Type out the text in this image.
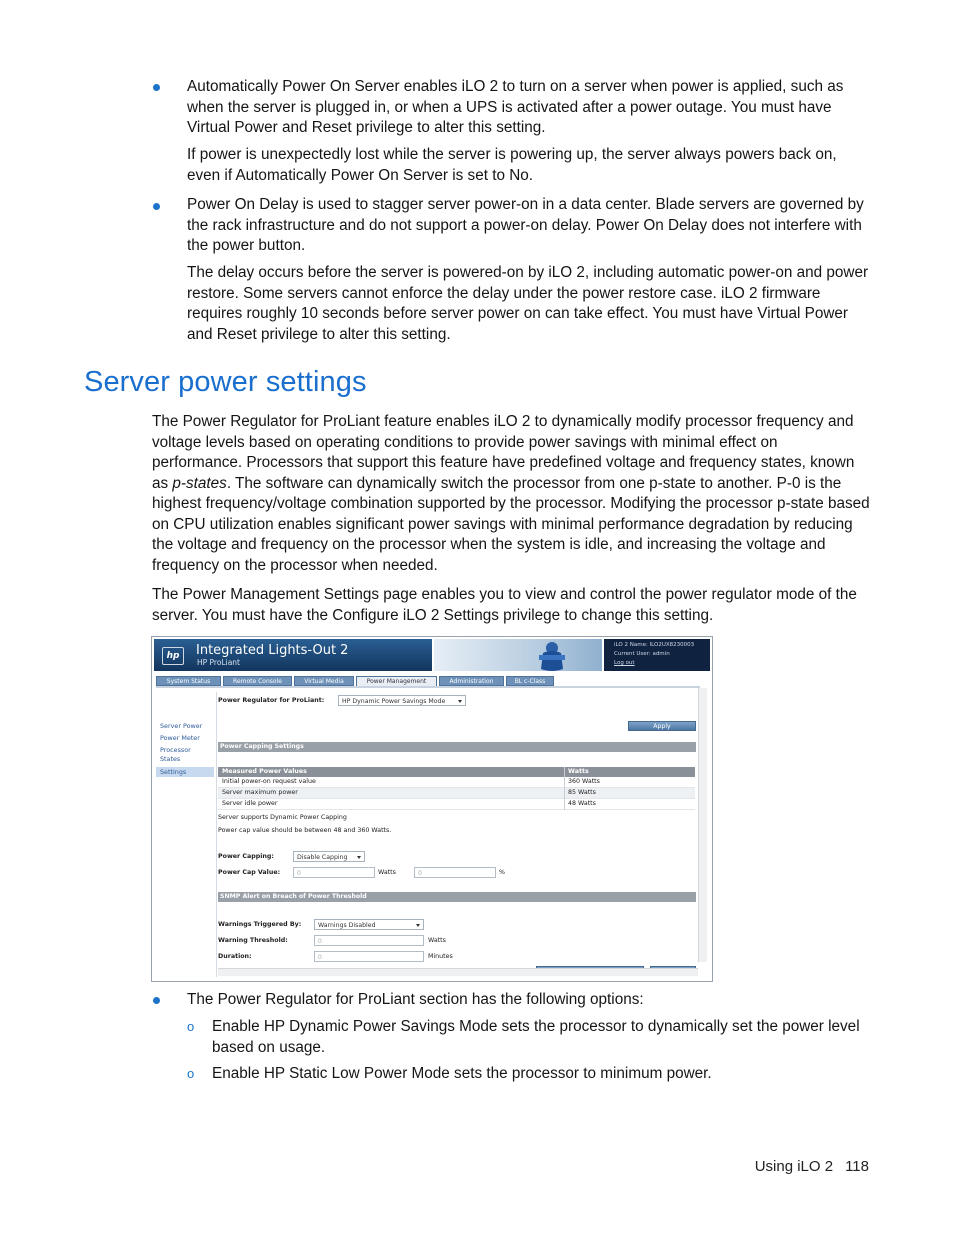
Automatically Power On Server enables iLO 2 to turn on a server when power is applied, such as when the server is plugged in, or when a UPS is activated after a power outage. You must have Virtual Power and Reset privilege to alter this setting.

If power is unexpectedly lost while the server is powering up, the server always powers back on, even if Automatically Power On Server is set to No.

Power On Delay is used to stagger server power-on in a data center. Blade servers are governed by the rack infrastructure and do not support a power-on delay. Power On Delay does not interfere with the power button.

The delay occurs before the server is powered-on by iLO 2, including automatic power-on and power restore. Some servers cannot enforce the delay under the power restore case. iLO 2 firmware requires roughly 10 seconds before server power on can take effect. You must have Virtual Power and Reset privilege to alter this setting.

Server power settings

The Power Regulator for ProLiant feature enables iLO 2 to dynamically modify processor frequency and voltage levels based on operating conditions to provide power savings with minimal effect on performance. Processors that support this feature have predefined voltage and frequency states, known as p-states. The software can dynamically switch the processor from one p-state to another. P-0 is the highest frequency/voltage combination supported by the processor. Modifying the processor p-state based on CPU utilization enables significant power savings with minimal performance degradation by reducing the voltage and frequency on the processor when the system is idle, and increasing the voltage and frequency on the processor when needed.

The Power Management Settings page enables you to view and control the power regulator mode of the server. You must have the Configure iLO 2 Settings privilege to change this setting.

hp	Integrated Lights-Out 2
HP ProLiant
iLO 2 Name: ILO2UX8230003
Current User: admin
Log out
System Status	Remote Console	Virtual Media	Power Management	Administration	BL c-Class
Server Power
Power Meter
Processor
States
Settings
Power Regulator for ProLiant:	HP Dynamic Power Savings Mode
Apply
Power Capping Settings
Measured Power Values	Watts
Initial power-on request value	360 Watts
Server maximum power	85 Watts
Server idle power	48 Watts
Server supports Dynamic Power Capping
Power cap value should be between 48 and 360 Watts.
Power Capping:	Disable Capping
Power Cap Value:	0	Watts	0	%
SNMP Alert on Breach of Power Threshold
Warnings Triggered By:	Warnings Disabled
Warning Threshold:	0	Watts
Duration:	0	Minutes

The Power Regulator for ProLiant section has the following options:

o Enable HP Dynamic Power Savings Mode sets the processor to dynamically set the power level based on usage.

o Enable HP Static Low Power Mode sets the processor to minimum power.

Using iLO 2 118
